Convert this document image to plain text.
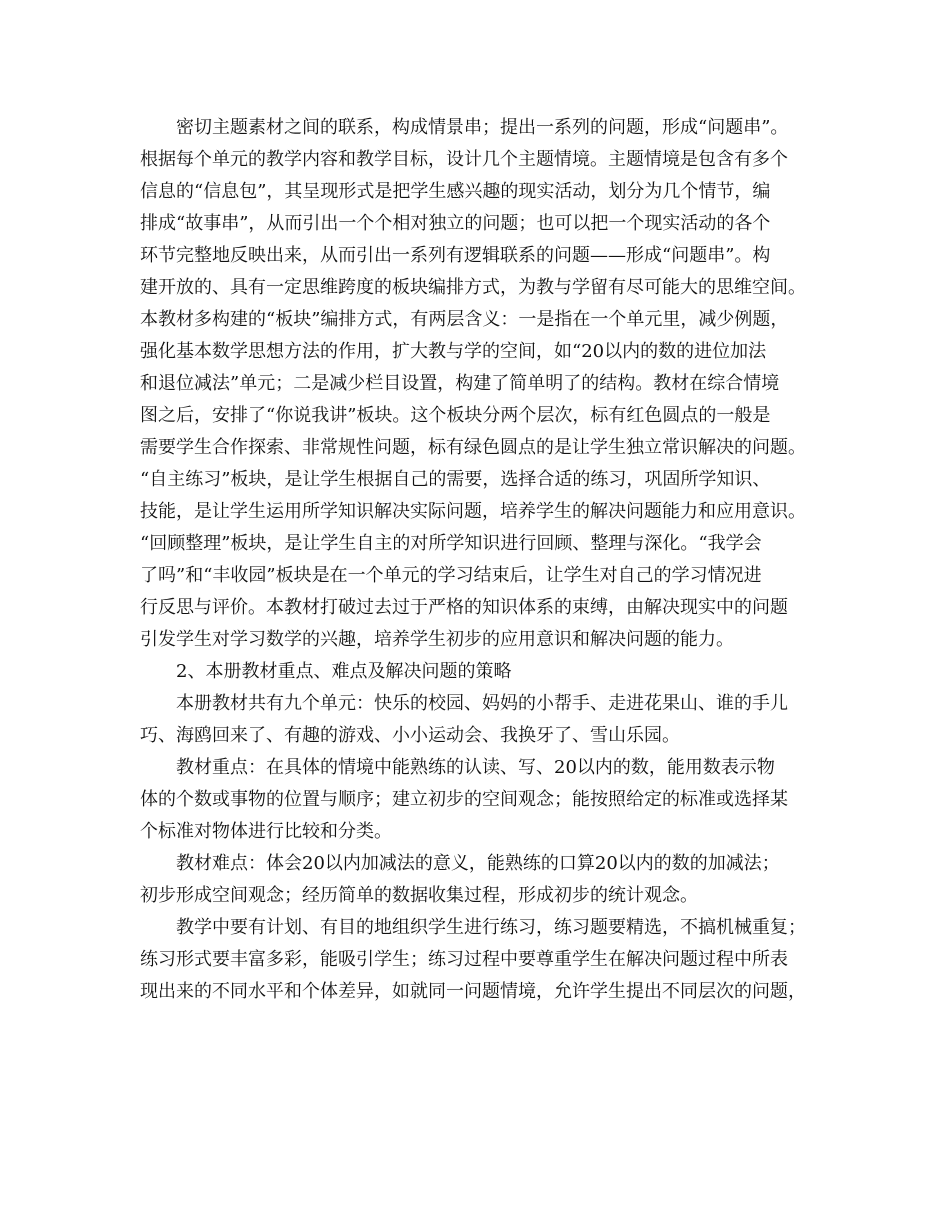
密切主题素材之间的联系，构成情景串；提出一系列的问题，形成“问题串”。
根据每个单元的教学内容和教学目标，设计几个主题情境。主题情境是包含有多个
信息的“信息包”，其呈现形式是把学生感兴趣的现实活动，划分为几个情节，编
排成“故事串”，从而引出一个个相对独立的问题；也可以把一个现实活动的各个
环节完整地反映出来，从而引出一系列有逻辑联系的问题——形成“问题串”。构
建开放的、具有一定思维跨度的板块编排方式，为教与学留有尽可能大的思维空间。
本教材多构建的“板块”编排方式，有两层含义：一是指在一个单元里，减少例题，
强化基本数学思想方法的作用，扩大教与学的空间，如“20以内的数的进位加法
和退位减法”单元；二是减少栏目设置，构建了简单明了的结构。教材在综合情境
图之后，安排了“你说我讲”板块。这个板块分两个层次，标有红色圆点的一般是
需要学生合作探索、非常规性问题，标有绿色圆点的是让学生独立常识解决的问题。
“自主练习”板块，是让学生根据自己的需要，选择合适的练习，巩固所学知识、
技能，是让学生运用所学知识解决实际问题，培养学生的解决问题能力和应用意识。
“回顾整理”板块，是让学生自主的对所学知识进行回顾、整理与深化。“我学会
了吗”和“丰收园”板块是在一个单元的学习结束后，让学生对自己的学习情况进
行反思与评价。本教材打破过去过于严格的知识体系的束缚，由解决现实中的问题
引发学生对学习数学的兴趣，培养学生初步的应用意识和解决问题的能力。
2、本册教材重点、难点及解决问题的策略
本册教材共有九个单元：快乐的校园、妈妈的小帮手、走进花果山、谁的手儿
巧、海鸥回来了、有趣的游戏、小小运动会、我换牙了、雪山乐园。
教材重点：在具体的情境中能熟练的认读、写、20以内的数，能用数表示物
体的个数或事物的位置与顺序；建立初步的空间观念；能按照给定的标准或选择某
个标准对物体进行比较和分类。
教材难点：体会20以内加减法的意义，能熟练的口算20以内的数的加减法；
初步形成空间观念；经历简单的数据收集过程，形成初步的统计观念。
教学中要有计划、有目的地组织学生进行练习，练习题要精选，不搞机械重复；
练习形式要丰富多彩，能吸引学生；练习过程中要尊重学生在解决问题过程中所表
现出来的不同水平和个体差异，如就同一问题情境，允许学生提出不同层次的问题，
